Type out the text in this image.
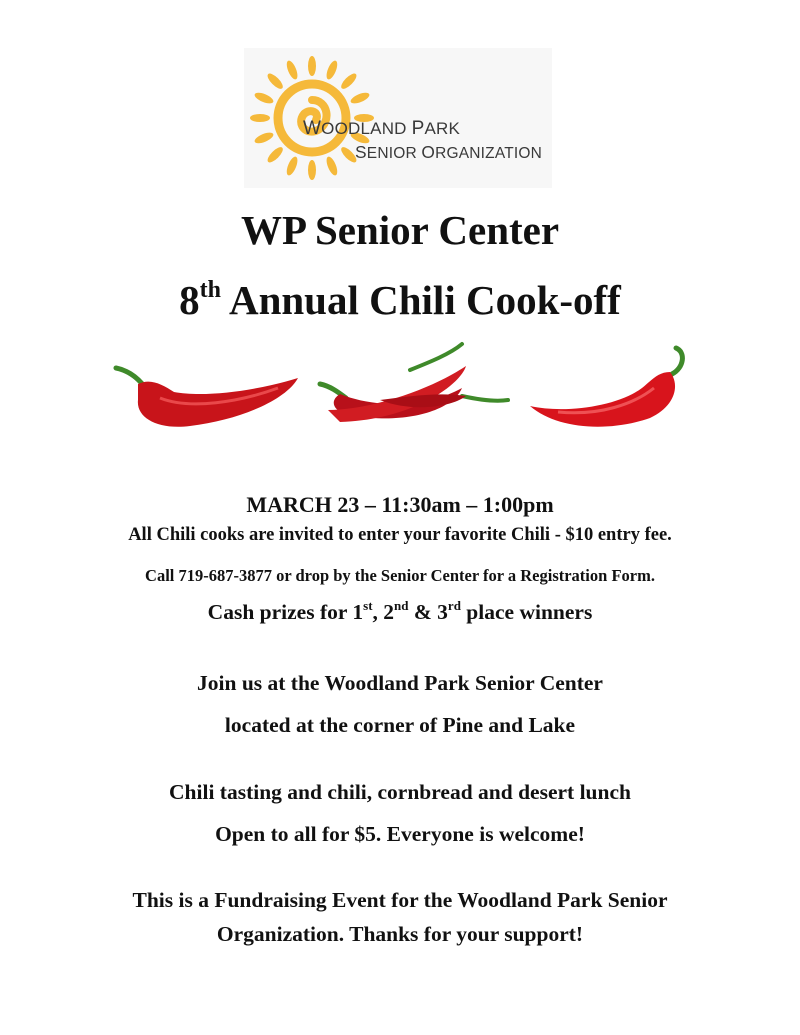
WOODLAND PARK
SENIOR ORGANIZATION
WP Senior Center
8th Annual Chili Cook-off
MARCH 23 – 11:30am – 1:00pm
All Chili cooks are invited to enter your favorite Chili - $10 entry fee.
Call 719-687-3877 or drop by the Senior Center for a Registration Form.
Cash prizes for 1st, 2nd & 3rd place winners
Join us at the Woodland Park Senior Center
located at the corner of Pine and Lake
Chili tasting and chili, cornbread and desert lunch
Open to all for $5. Everyone is welcome!
This is a Fundraising Event for the Woodland Park Senior
Organization. Thanks for your support!
